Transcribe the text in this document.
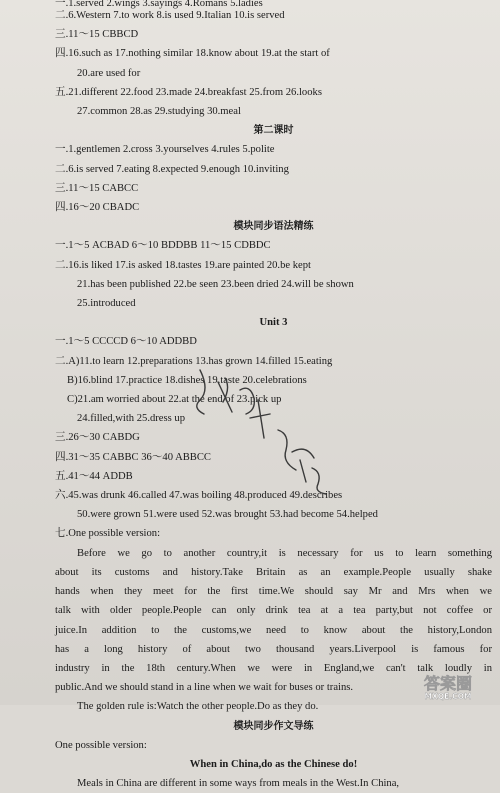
一.1.served 2.wings 3.sayings 4.Romans 5.ladies
二.6.Western 7.to work 8.is used 9.Italian 10.is served
三.11～15 CBBCD
四.16.such as 17.nothing similar 18.know about 19.at the start of
20.are used for
五.21.different 22.food 23.made 24.breakfast 25.from 26.looks
27.common 28.as 29.studying 30.meal
第二课时
一.1.gentlemen 2.cross 3.yourselves 4.rules 5.polite
二.6.is served 7.eating 8.expected 9.enough 10.inviting
三.11～15 CABCC
四.16～20 CBADC
模块同步语法精练
一.1～5 ACBAD 6～10 BDDBB 11～15 CDBDC
二.16.is liked 17.is asked 18.tastes 19.are painted 20.be kept
21.has been published 22.be seen 23.been dried 24.will be shown
25.introduced
Unit 3
一.1～5 CCCCD 6～10 ADDBD
二.A)11.to learn 12.preparations 13.has grown 14.filled 15.eating
B)16.blind 17.practice 18.dishes 19.taste 20.celebrations
C)21.am worried about 22.at the end of 23.pick up
24.filled,with 25.dress up
三.26～30 CABDG
四.31～35 CABBC 36～40 ABBCC
五.41～44 ADDB
六.45.was drunk 46.called 47.was boiling 48.produced 49.describes
50.were grown 51.were used 52.was brought 53.had become 54.helped
七.One possible version:
Before we go to another country,it is necessary for us to learn something
about its customs and history.Take Britain as an example.People usually shake
hands when they meet for the first time.We should say Mr and Mrs when we
talk with older people.People can only drink tea at a tea party,but not coffee or
juice.In addition to the customs,we need to know about the history,London
has a long history of about two thousand years.Liverpool is famous for
industry in the 18th century.When we were in England,we can't talk loudly in
public.And we should stand in a line when we wait for buses or trains.
The golden rule is:Watch the other people.Do as they do.
模块同步作文导练
One possible version:
When in China,do as the Chinese do!
Meals in China are different in some ways from meals in the West.In China,
答案圈
MXQE.COM
